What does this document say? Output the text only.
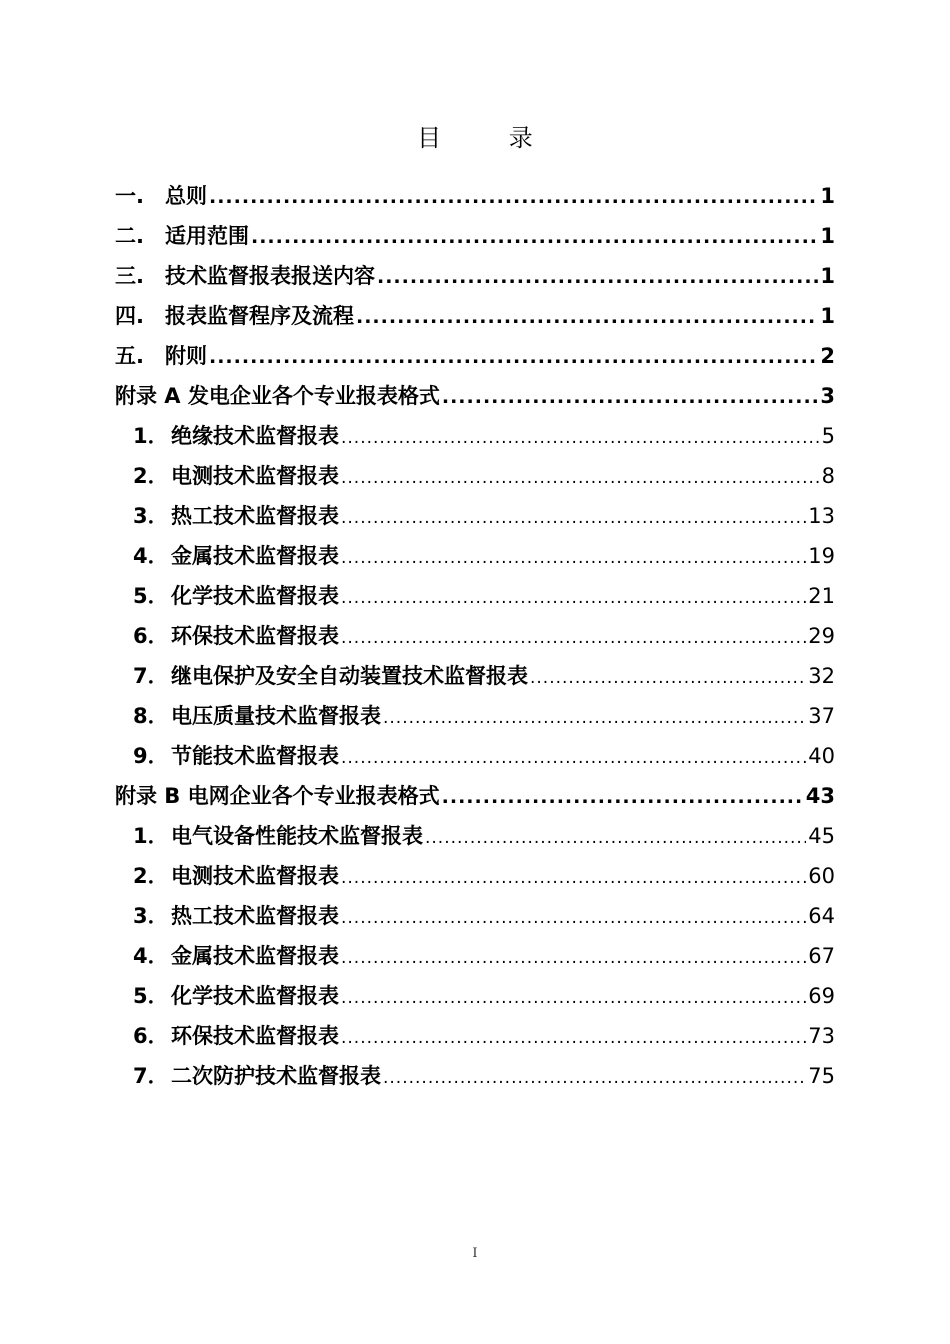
目 录
一.	总则 .....	1
二.	适用范围 .....	1
三.	技术监督报表报送内容 .....	1
四.	报表监督程序及流程 .....	1
五.	附则 .....	2
附录 A 发电企业各个专业报表格式 .....	3
1． 绝缘技术监督报表 .....	5
2． 电测技术监督报表 .....	8
3． 热工技术监督报表 .....	13
4． 金属技术监督报表 .....	19
5． 化学技术监督报表 .....	21
6． 环保技术监督报表 .....	29
7． 继电保护及安全自动装置技术监督报表 .....	32
8． 电压质量技术监督报表 .....	37
9． 节能技术监督报表 .....	40
附录 B 电网企业各个专业报表格式 .....	43
1． 电气设备性能技术监督报表 .....	45
2． 电测技术监督报表 .....	60
3． 热工技术监督报表 .....	64
4． 金属技术监督报表 .....	67
5． 化学技术监督报表 .....	69
6． 环保技术监督报表 .....	73
7． 二次防护技术监督报表 .....	75
I
